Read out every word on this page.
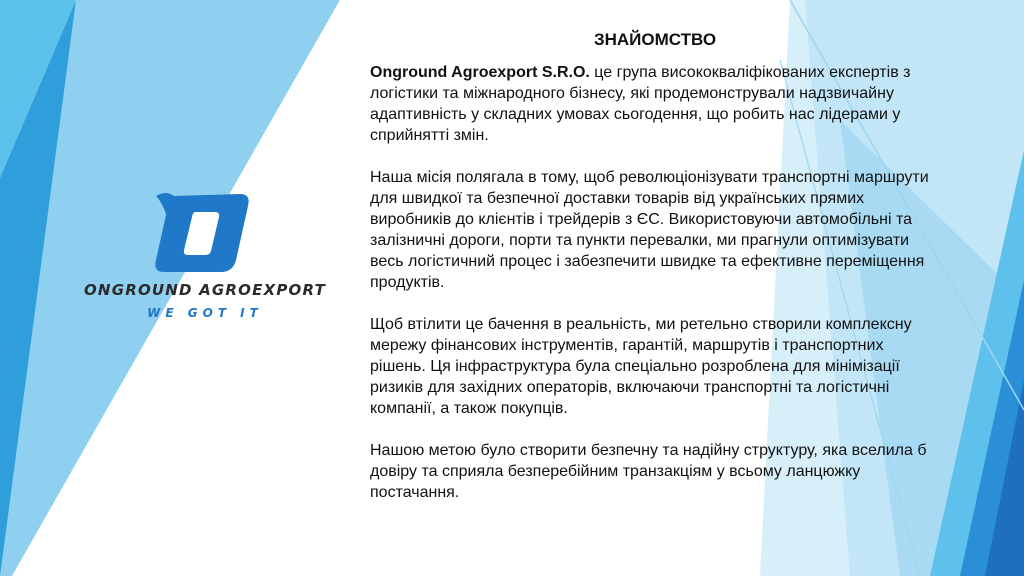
ONGROUND AGROEXPORT
WE GOT IT
ЗНАЙОМСТВО

Onground Agroexport S.R.O. це група висококваліфікованих експертів з логістики та міжнародного бізнесу, які продемонстрували надзвичайну адаптивність у складних умовах сьогодення, що робить нас лідерами у сприйнятті змін.

Наша місія полягала в тому, щоб революціонізувати транспортні маршрути для швидкої та безпечної доставки товарів від українських прямих виробників до клієнтів і трейдерів з ЄС. Використовуючи автомобільні та залізничні дороги, порти та пункти перевалки, ми прагнули оптимізувати весь логістичний процес і забезпечити швидке та ефективне переміщення продуктів.

Щоб втілити це бачення в реальність, ми ретельно створили комплексну мережу фінансових інструментів, гарантій, маршрутів і транспортних рішень. Ця інфраструктура була спеціально розроблена для мінімізації ризиків для західних операторів, включаючи транспортні та логістичні компанії, а також покупців.

Нашою метою було створити безпечну та надійну структуру, яка вселила б довіру та сприяла безперебійним транзакціям у всьому ланцюжку постачання.
